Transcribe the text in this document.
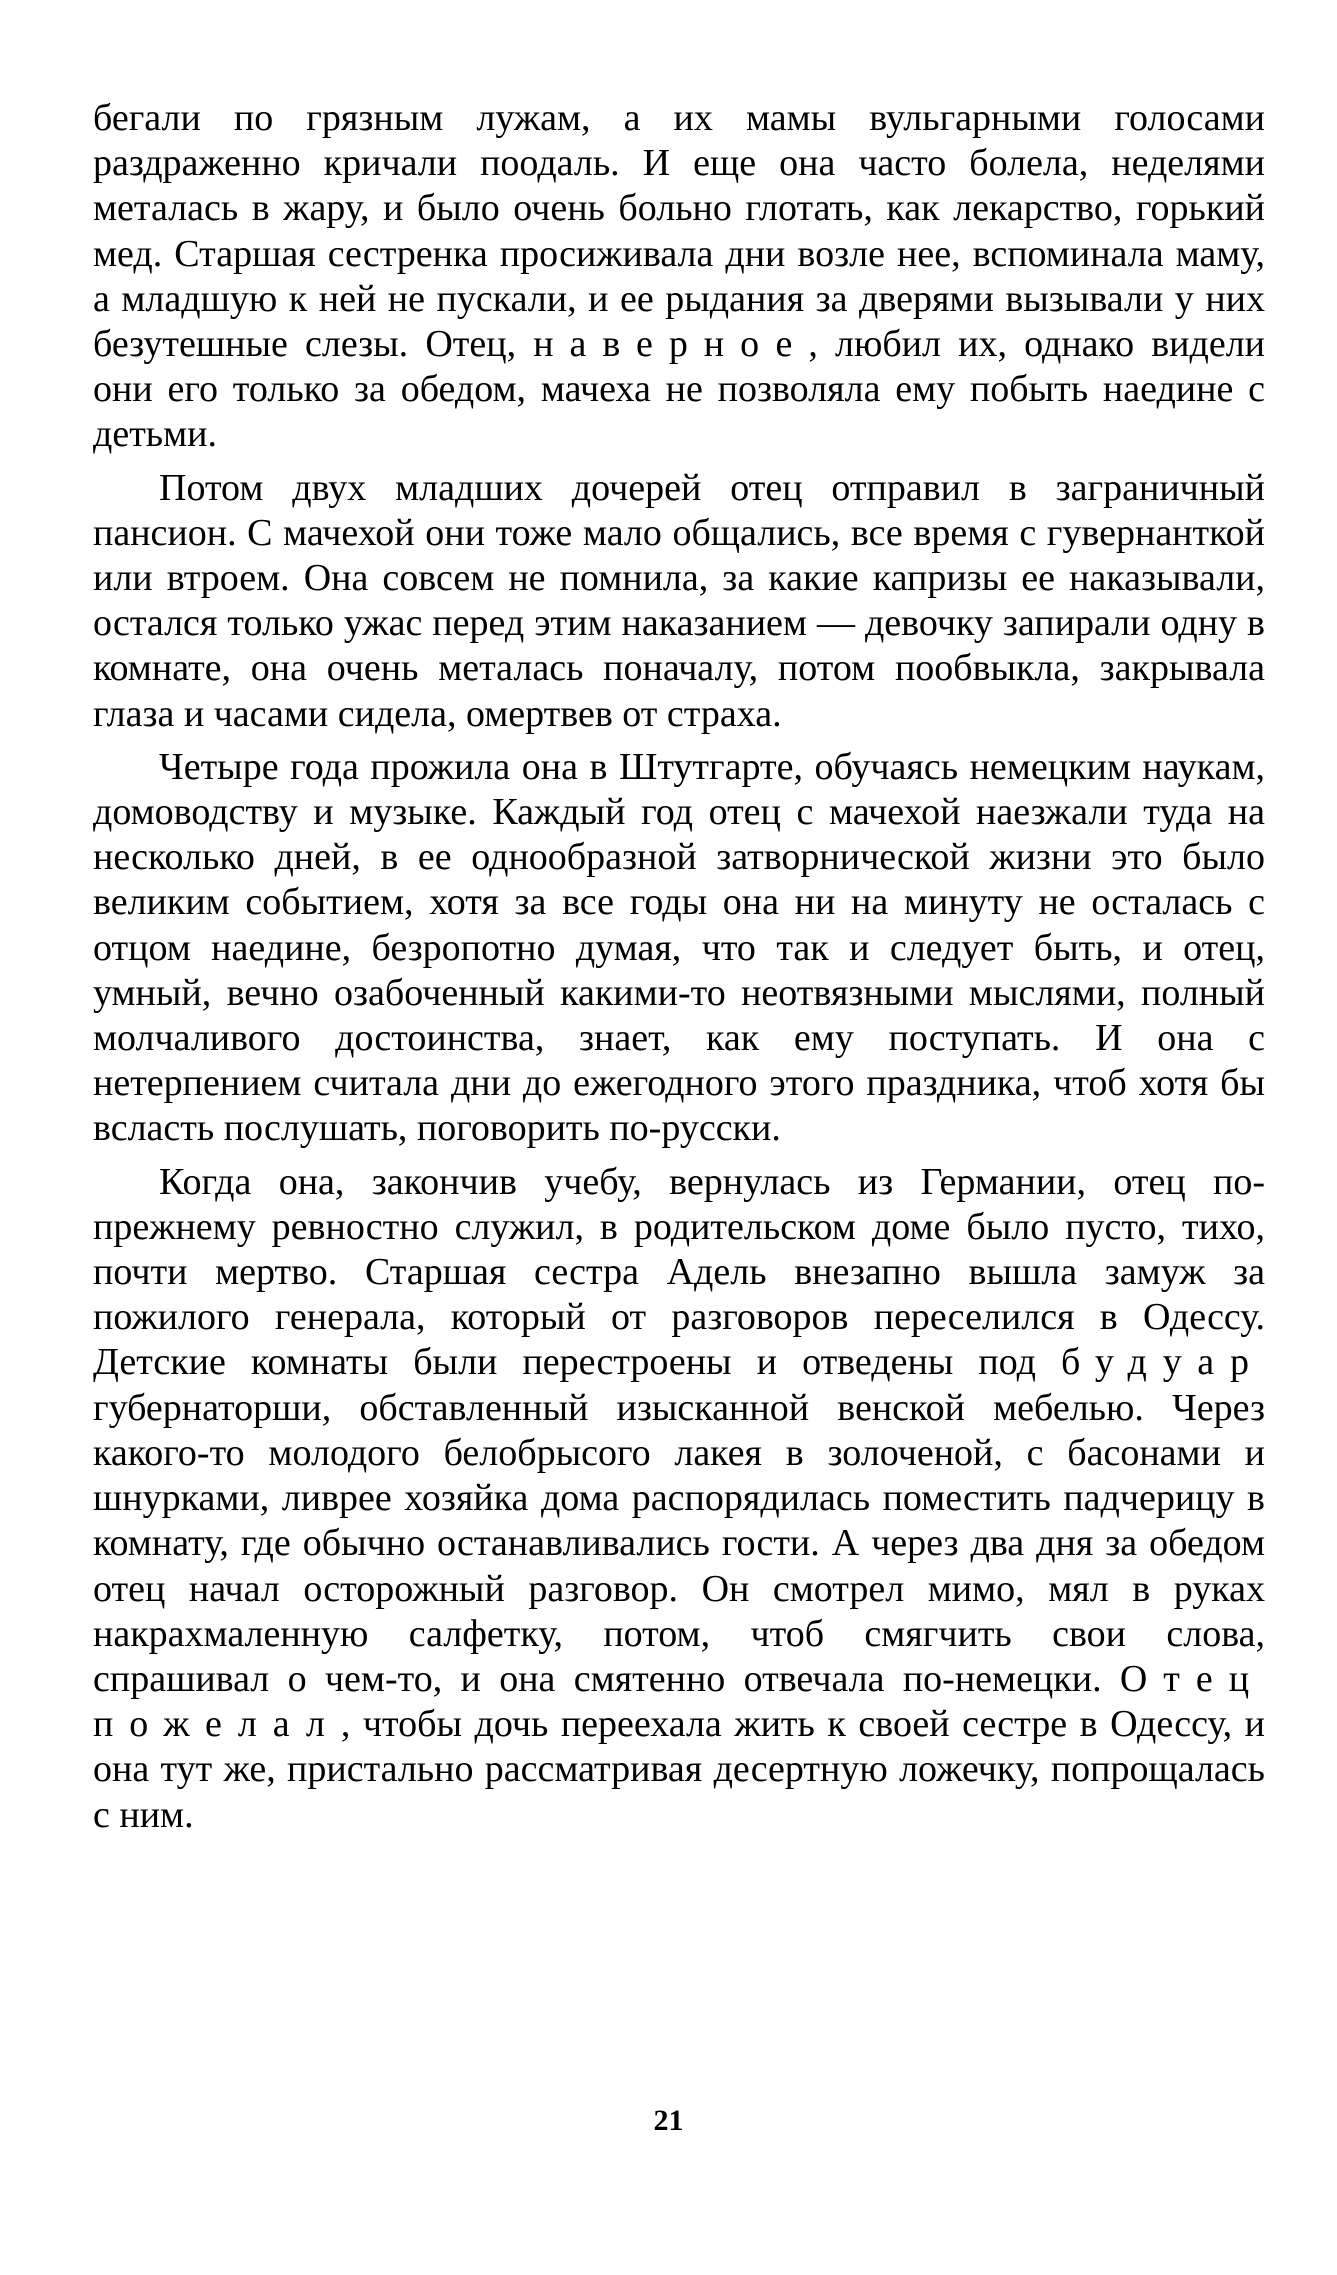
бегали по грязным лужам, а их мамы вульгарными голосами раздраженно кричали поодаль. И еще она часто болела, неделями металась в жару, и было очень больно глотать, как лекарство, горький мед. Старшая сестренка просиживала дни возле нее, вспоминала маму, а младшую к ней не пускали, и ее рыдания за дверями вызывали у них безутешные слезы. Отец, наверное, любил их, однако видели они его только за обедом, мачеха не позволяла ему побыть наедине с детьми.

Потом двух младших дочерей отец отправил в заграничный пансион. С мачехой они тоже мало общались, все время с гувернанткой или втроем. Она совсем не помнила, за какие капризы ее наказывали, остался только ужас перед этим наказанием — девочку запирали одну в комнате, она очень металась поначалу, потом пообвыкла, закрывала глаза и часами сидела, омертвев от страха.

Четыре года прожила она в Штутгарте, обучаясь немецким наукам, домоводству и музыке. Каждый год отец с мачехой наезжали туда на несколько дней, в ее однообразной затворнической жизни это было великим событием, хотя за все годы она ни на минуту не осталась с отцом наедине, безропотно думая, что так и следует быть, и отец, умный, вечно озабоченный какими-то неотвязными мыслями, полный молчаливого достоинства, знает, как ему поступать. И она с нетерпением считала дни до ежегодного этого праздника, чтоб хотя бы всласть послушать, поговорить по-русски.

Когда она, закончив учебу, вернулась из Германии, отец по-прежнему ревностно служил, в родительском доме было пусто, тихо, почти мертво. Старшая сестра Адель внезапно вышла замуж за пожилого генерала, который от разговоров переселился в Одессу. Детские комнаты были перестроены и отведены под будуар губернаторши, обставленный изысканной венской мебелью. Через какого-то молодого белобрысого лакея в золоченой, с басонами и шнурками, ливрее хозяйка дома распорядилась поместить падчерицу в комнату, где обычно останавливались гости. А через два дня за обедом отец начал осторожный разговор. Он смотрел мимо, мял в руках накрахмаленную салфетку, потом, чтоб смягчить свои слова, спрашивал о чем-то, и она смятенно отвечала по-немецки. Отец пожелал, чтобы дочь переехала жить к своей сестре в Одессу, и она тут же, пристально рассматривая десертную ложечку, попрощалась с ним.

21
